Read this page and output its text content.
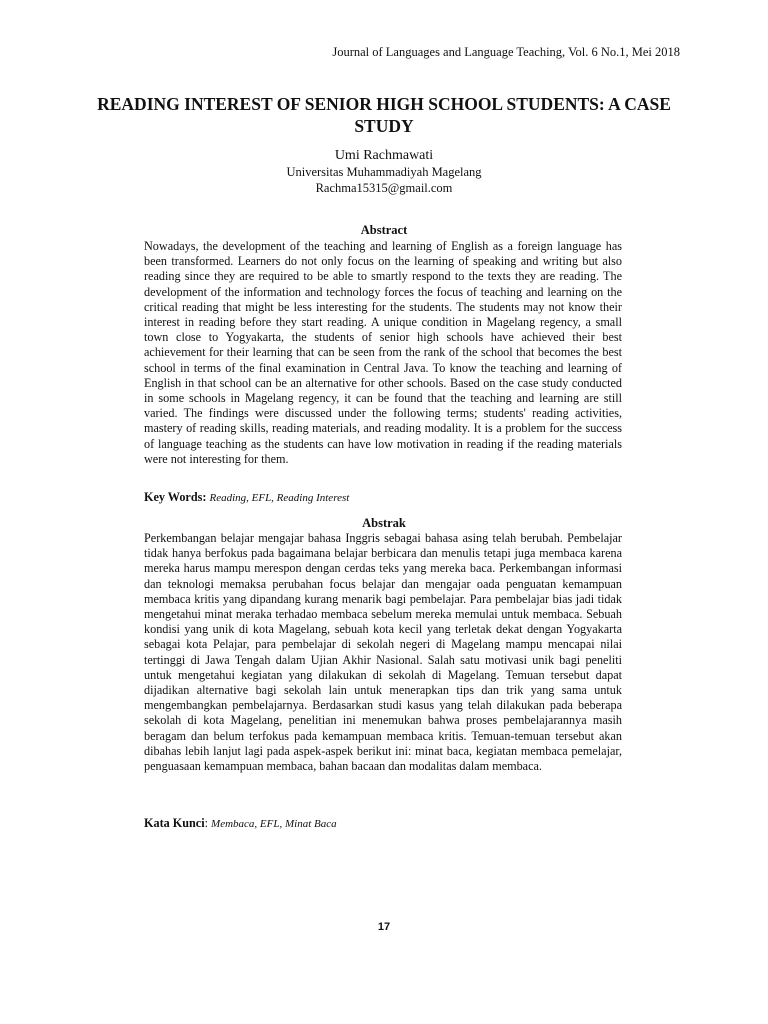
Journal of Languages and Language Teaching, Vol. 6 No.1, Mei 2018
READING INTEREST OF SENIOR HIGH SCHOOL STUDENTS: A CASE STUDY
Umi Rachmawati
Universitas Muhammadiyah Magelang
Rachma15315@gmail.com
Abstract

Nowadays, the development of the teaching and learning of English as a foreign language has been transformed. Learners do not only focus on the learning of speaking and writing but also reading since they are required to be able to smartly respond to the texts they are reading. The development of the information and technology forces the focus of teaching and learning on the critical reading that might be less interesting for the students. The students may not know their interest in reading before they start reading. A unique condition in Magelang regency, a small town close to Yogyakarta, the students of senior high schools have achieved their best achievement for their learning that can be seen from the rank of the school that becomes the best school in terms of the final examination in Central Java. To know the teaching and learning of English in that school can be an alternative for other schools. Based on the case study conducted in some schools in Magelang regency, it can be found that the teaching and learning are still varied. The findings were discussed under the following terms; students' reading activities, mastery of reading skills, reading materials, and reading modality. It is a problem for the success of language teaching as the students can have low motivation in reading if the reading materials were not interesting for them.

Key Words: Reading, EFL, Reading Interest
Abstrak

Perkembangan belajar mengajar bahasa Inggris sebagai bahasa asing telah berubah. Pembelajar tidak hanya berfokus pada bagaimana belajar berbicara dan menulis tetapi juga membaca karena mereka harus mampu merespon dengan cerdas teks yang mereka baca. Perkembangan informasi dan teknologi memaksa perubahan focus belajar dan mengajar oada penguatan kemampuan membaca kritis yang dipandang kurang menarik bagi pembelajar. Para pembelajar bias jadi tidak mengetahui minat meraka terhadao membaca sebelum mereka memulai untuk membaca. Sebuah kondisi yang unik di kota Magelang, sebuah kota kecil yang terletak dekat dengan Yogyakarta sebagai kota Pelajar, para pembelajar di sekolah negeri di Magelang mampu mencapai nilai tertinggi di Jawa Tengah dalam Ujian Akhir Nasional. Salah satu motivasi unik bagi peneliti untuk mengetahui kegiatan yang dilakukan di sekolah di Magelang. Temuan tersebut dapat dijadikan alternative bagi sekolah lain untuk menerapkan tips dan trik yang sama untuk mengembangkan pembelajarnya. Berdasarkan studi kasus yang telah dilakukan pada beberapa sekolah di kota Magelang, penelitian ini menemukan bahwa proses pembelajarannya masih beragam dan belum terfokus pada kemampuan membaca kritis. Temuan-temuan tersebut akan dibahas lebih lanjut lagi pada aspek-aspek berikut ini: minat baca, kegiatan membaca pemelajar, penguasaan kemampuan membaca, bahan bacaan dan modalitas dalam membaca.

Kata Kunci: Membaca, EFL, Minat Baca
17
